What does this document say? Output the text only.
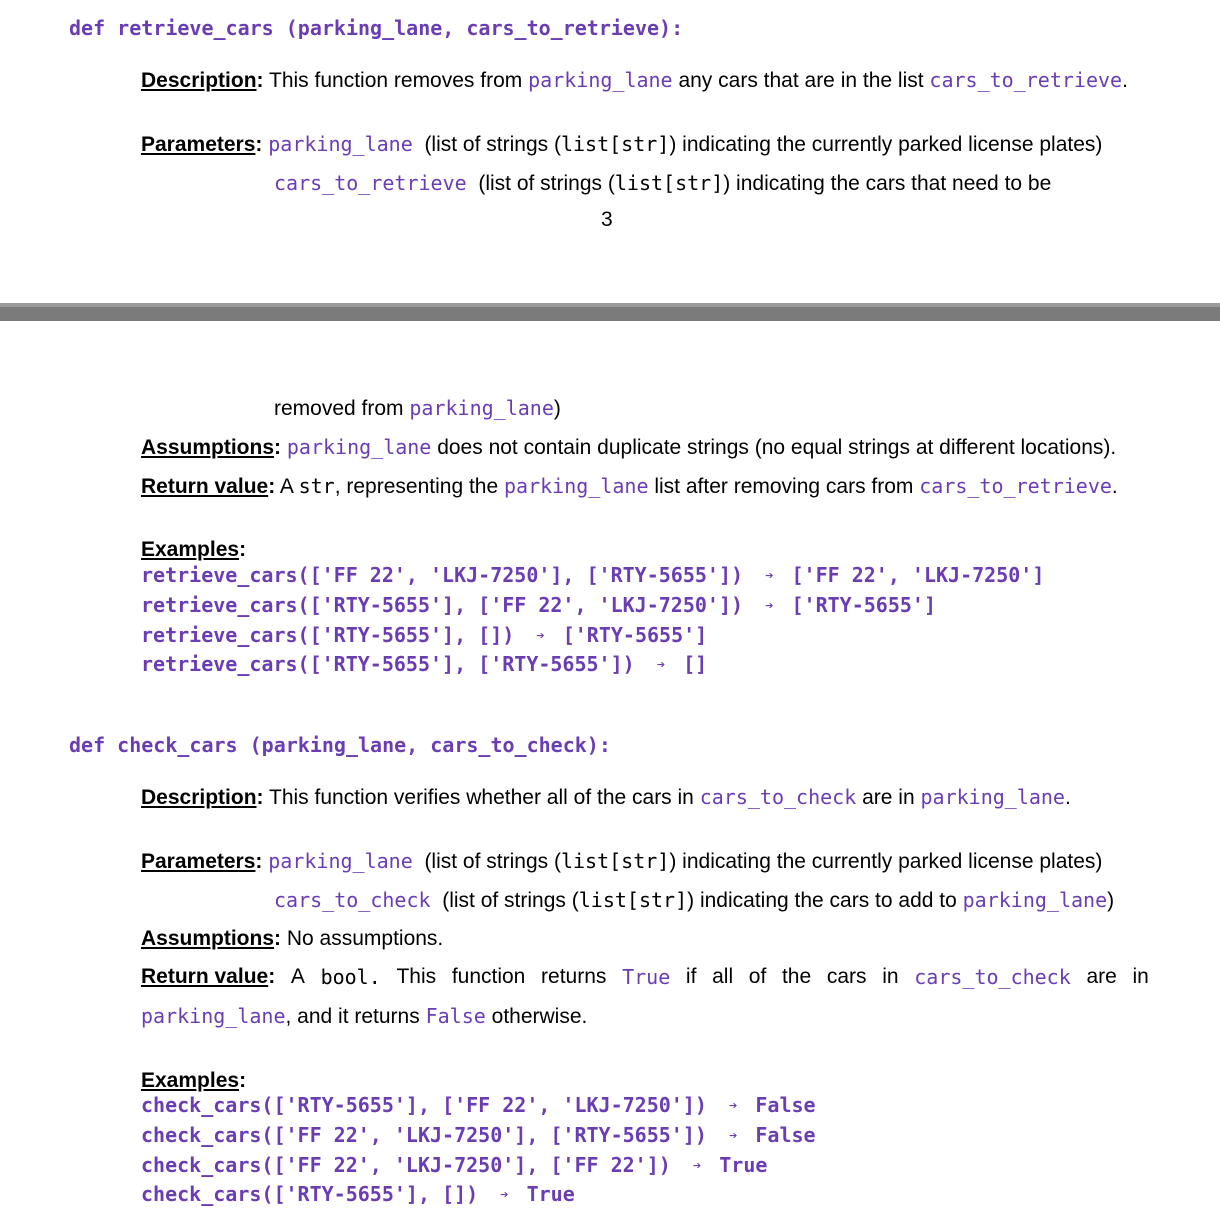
def retrieve_cars (parking_lane, cars_to_retrieve):
Description: This function removes from parking_lane any cars that are in the list cars_to_retrieve.
Parameters: parking_lane (list of strings (list[str]) indicating the currently parked license plates)
cars_to_retrieve (list of strings (list[str]) indicating the cars that need to be
3
removed from parking_lane)
Assumptions: parking_lane does not contain duplicate strings (no equal strings at different locations).
Return value: A str, representing the parking_lane list after removing cars from cars_to_retrieve.
Examples:
retrieve_cars(['FF 22', 'LKJ-7250'], ['RTY-5655']) ➔ ['FF 22', 'LKJ-7250']
retrieve_cars(['RTY-5655'], ['FF 22', 'LKJ-7250']) ➔ ['RTY-5655']
retrieve_cars(['RTY-5655'], []) ➔ ['RTY-5655']
retrieve_cars(['RTY-5655'], ['RTY-5655']) ➔ []
def check_cars (parking_lane, cars_to_check):
Description: This function verifies whether all of the cars in cars_to_check are in parking_lane.
Parameters: parking_lane (list of strings (list[str]) indicating the currently parked license plates)
cars_to_check (list of strings (list[str]) indicating the cars to add to parking_lane)
Assumptions: No assumptions.
Return value: A bool. This function returns True if all of the cars in cars_to_check are in
parking_lane, and it returns False otherwise.
Examples:
check_cars(['RTY-5655'], ['FF 22', 'LKJ-7250']) ➔ False
check_cars(['FF 22', 'LKJ-7250'], ['RTY-5655']) ➔ False
check_cars(['FF 22', 'LKJ-7250'], ['FF 22']) ➔ True
check_cars(['RTY-5655'], []) ➔ True
